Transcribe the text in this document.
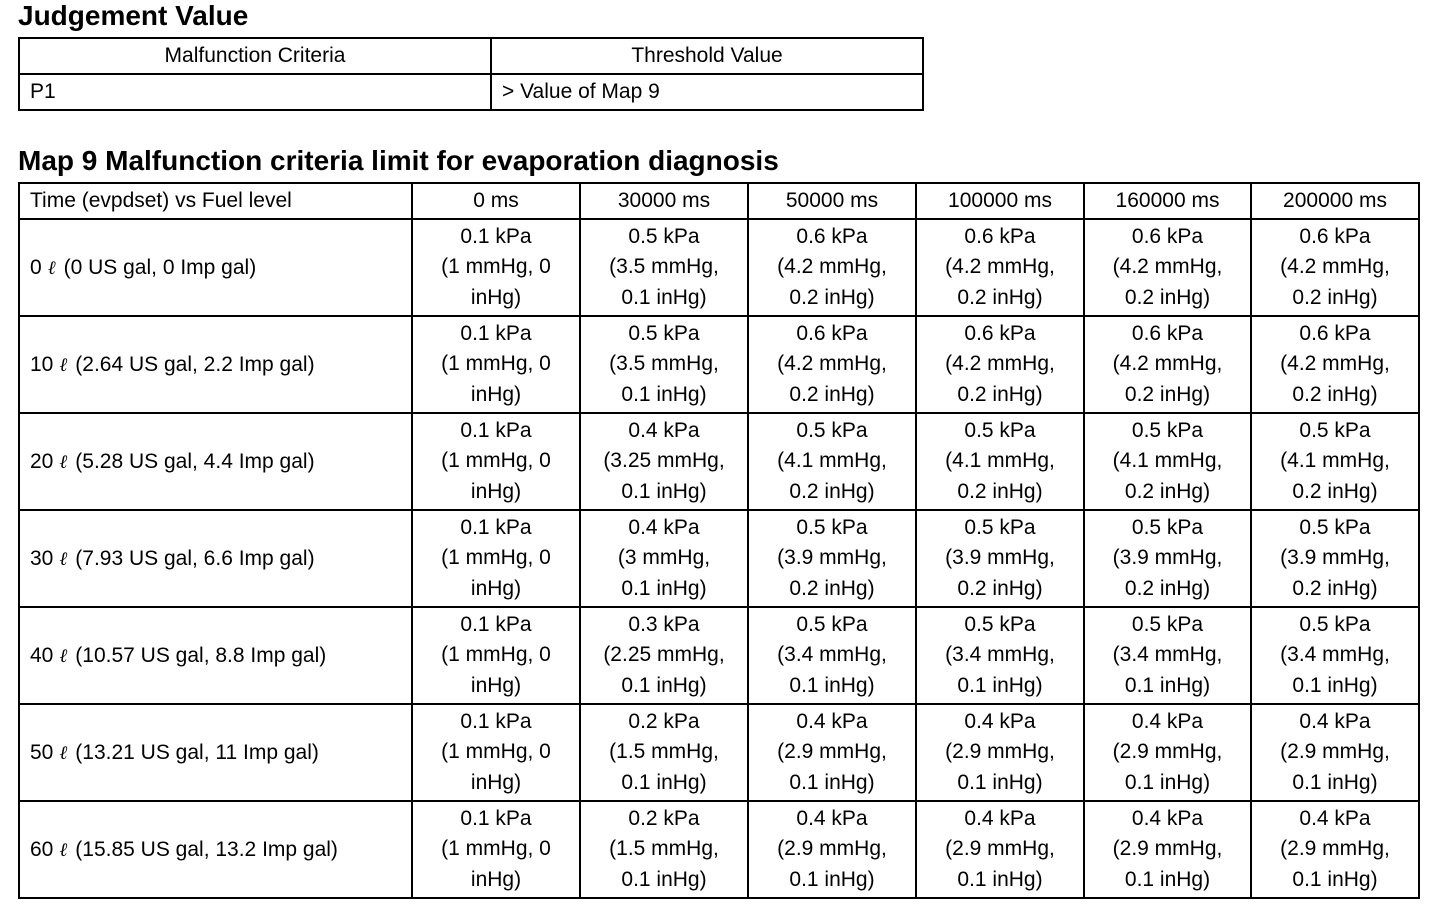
Judgement Value
Malfunction Criteria	Threshold Value
P1	> Value of Map 9
Map 9 Malfunction criteria limit for evaporation diagnosis
Time (evpdset) vs Fuel level	0 ms	30000 ms	50000 ms	100000 ms	160000 ms	200000 ms
0 ℓ (0 US gal, 0 Imp gal)	0.1 kPa
(1 mmHg, 0
inHg)	0.5 kPa
(3.5 mmHg,
0.1 inHg)	0.6 kPa
(4.2 mmHg,
0.2 inHg)	0.6 kPa
(4.2 mmHg,
0.2 inHg)	0.6 kPa
(4.2 mmHg,
0.2 inHg)	0.6 kPa
(4.2 mmHg,
0.2 inHg)

10 ℓ (2.64 US gal, 2.2 Imp gal)	0.1 kPa
(1 mmHg, 0
inHg)	0.5 kPa
(3.5 mmHg,
0.1 inHg)	0.6 kPa
(4.2 mmHg,
0.2 inHg)	0.6 kPa
(4.2 mmHg,
0.2 inHg)	0.6 kPa
(4.2 mmHg,
0.2 inHg)	0.6 kPa
(4.2 mmHg,
0.2 inHg)

20 ℓ (5.28 US gal, 4.4 Imp gal)	0.1 kPa
(1 mmHg, 0
inHg)	0.4 kPa
(3.25 mmHg,
0.1 inHg)	0.5 kPa
(4.1 mmHg,
0.2 inHg)	0.5 kPa
(4.1 mmHg,
0.2 inHg)	0.5 kPa
(4.1 mmHg,
0.2 inHg)	0.5 kPa
(4.1 mmHg,
0.2 inHg)

30 ℓ (7.93 US gal, 6.6 Imp gal)	0.1 kPa
(1 mmHg, 0
inHg)	0.4 kPa
(3 mmHg,
0.1 inHg)	0.5 kPa
(3.9 mmHg,
0.2 inHg)	0.5 kPa
(3.9 mmHg,
0.2 inHg)	0.5 kPa
(3.9 mmHg,
0.2 inHg)	0.5 kPa
(3.9 mmHg,
0.2 inHg)

40 ℓ (10.57 US gal, 8.8 Imp gal)	0.1 kPa
(1 mmHg, 0
inHg)	0.3 kPa
(2.25 mmHg,
0.1 inHg)	0.5 kPa
(3.4 mmHg,
0.1 inHg)	0.5 kPa
(3.4 mmHg,
0.1 inHg)	0.5 kPa
(3.4 mmHg,
0.1 inHg)	0.5 kPa
(3.4 mmHg,
0.1 inHg)

50 ℓ (13.21 US gal, 11 Imp gal)	0.1 kPa
(1 mmHg, 0
inHg)	0.2 kPa
(1.5 mmHg,
0.1 inHg)	0.4 kPa
(2.9 mmHg,
0.1 inHg)	0.4 kPa
(2.9 mmHg,
0.1 inHg)	0.4 kPa
(2.9 mmHg,
0.1 inHg)	0.4 kPa
(2.9 mmHg,
0.1 inHg)

60 ℓ (15.85 US gal, 13.2 Imp gal)	0.1 kPa
(1 mmHg, 0
inHg)	0.2 kPa
(1.5 mmHg,
0.1 inHg)	0.4 kPa
(2.9 mmHg,
0.1 inHg)	0.4 kPa
(2.9 mmHg,
0.1 inHg)	0.4 kPa
(2.9 mmHg,
0.1 inHg)	0.4 kPa
(2.9 mmHg,
0.1 inHg)
